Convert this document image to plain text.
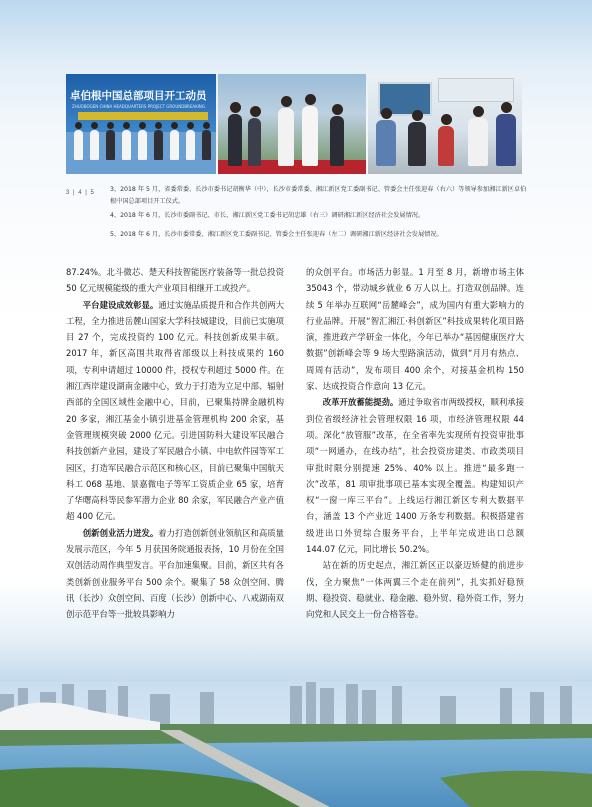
卓伯根中国总部项目开工动员
ZHUOBOGEN CHINA HEADQUARTERS PROJECT GROUNDBREAKING
3 | 4 | 5 3、2018 年 5 月，省委常委、长沙市委书记胡衡华（中），长沙市委常委、湘江新区党工委副书记、管委会主任张迎春（右六）等领导参加湘江新区卓伯根中国总部项目开工仪式。
4、2018 年 6 月，长沙市委副书记、市长、湘江新区党工委书记胡忠雄（右三）调研湘江新区经济社会发展情况。
5、2018 年 6 月，长沙市委常委、湘江新区党工委副书记、管委会主任张迎春（左二）调研湘江新区经济社会发展情况。

87.24%。北斗微芯、楚天科技智能医疗装备等一批总投资 50 亿元规模能级的重大产业项目相继开工或投产。

平台建设成效彰显。通过实施品质提升和合作共创两大工程，全力推进岳麓山国家大学科技城建设，目前已实施项目 27 个，完成投资约 100 亿元。科技创新成果丰硕。2017 年，新区高围共取得省部级以上科技成果约 160 项，专利申请超过 10000 件，授权专利超过 5000 件。在湘江西岸建设湖南金融中心，致力于打造为立足中部、辐射西部的全国区域性金融中心，目前，已聚集持牌金融机构 20 多家，湘江基金小镇引进基金管理机构 200 余家，基金管理规模突破 2000 亿元。引进国防科大建设军民融合科技创新产业园，建设了军民融合小镇、中电软件园等军工园区，打造军民融合示范区和核心区，目前已聚集中国航天科工 068 基地、景嘉微电子等军工资质企业 65 家，培育了华曙高科等民参军潜力企业 80 余家，军民融合产业产值超 400 亿元。

创新创业活力迸发。着力打造创新创业领航区和高质量发展示范区，今年 5 月获国务院通报表扬，10 月份在全国双创活动周作典型发言。平台加速集聚。目前，新区共有各类创新创业服务平台 500 余个。聚集了 58 众创空间、腾讯（长沙）众创空间、百度（长沙）创新中心、八戒湖南双创示范平台等一批较具影响力

的众创平台。市场活力彰显。1 月至 8 月，新增市场主体 35043 个，带动城乡就业 6 万人以上。打造双创品牌。连续 5 年举办互联网“岳麓峰会”，成为国内有重大影响力的行业品牌。开展“智汇湘江·科创新区”科技成果转化项目路演，推进政产学研金一体化，今年已举办“基因健康医疗大数据”创新峰会等 9 场大型路演活动，做到“月月有热点、周周有活动”，发布项目 400 余个，对接基金机构 150 家、达成投资合作意向 13 亿元。

改革开放蓄能提劲。通过争取省市两级授权，顺利承接到位省级经济社会管理权限 16 项，市经济管理权限 44 项。深化“放管服”改革，在全省率先实现所有投资审批事项“一网通办，在线办结”，社会投资房建类、市政类项目审批时限分别提速 25%、40% 以上。推进“最多跑一次”改革，81 项审批事项已基本实现全覆盖。构建知识产权“一窗一库三平台”。上线运行湘江新区专利大数据平台，涵盖 13 个产业近 1400 万条专利数据。积极搭建省级进出口外贸综合服务平台，上半年完成进出口总额 144.07 亿元，同比增长 50.2%。

站在新的历史起点，湘江新区正以豪迈矫健的前进步伐，全力聚焦“一体两翼三个走在前列”，扎实抓好稳预期、稳投资、稳就业、稳金融、稳外贸、稳外资工作，努力向党和人民交上一份合格答卷。
